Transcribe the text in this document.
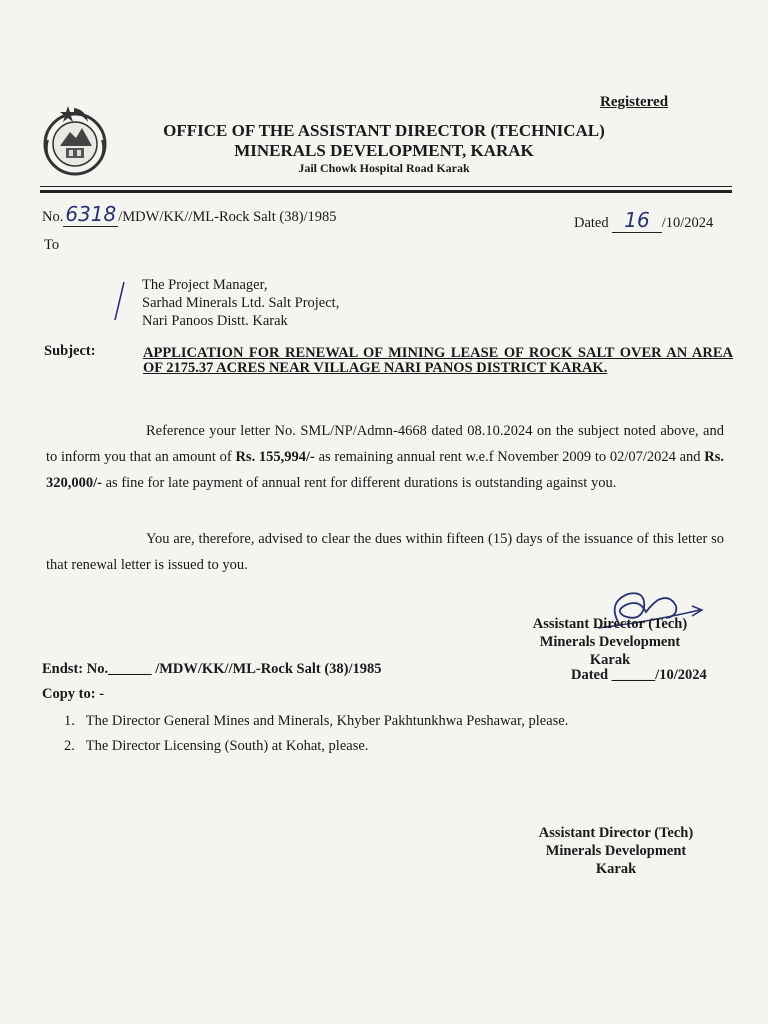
Registered
OFFICE OF THE ASSISTANT DIRECTOR (TECHNICAL)
MINERALS DEVELOPMENT, KARAK
Jail Chowk Hospital Road Karak
No. 6318 /MDW/KK//ML-Rock Salt (38)/1985	Dated 16 /10/2024
To
The Project Manager,
Sarhad Minerals Ltd. Salt Project,
Nari Panoos Distt. Karak
Subject:	APPLICATION FOR RENEWAL OF MINING LEASE OF ROCK SALT OVER AN AREA OF 2175.37 ACRES NEAR VILLAGE NARI PANOS DISTRICT KARAK.
Reference your letter No. SML/NP/Admn-4668 dated 08.10.2024 on the subject noted above, and to inform you that an amount of Rs. 155,994/- as remaining annual rent w.e.f November 2009 to 02/07/2024 and Rs. 320,000/- as fine for late payment of annual rent for different durations is outstanding against you.
You are, therefore, advised to clear the dues within fifteen (15) days of the issuance of this letter so that renewal letter is issued to you.
Assistant Director (Tech)
Minerals Development
Karak
Endst: No.______ /MDW/KK//ML-Rock Salt (38)/1985	Dated ______/10/2024
Copy to: -
1. The Director General Mines and Minerals, Khyber Pakhtunkhwa Peshawar, please.
2. The Director Licensing (South) at Kohat, please.
Assistant Director (Tech)
Minerals Development
Karak
